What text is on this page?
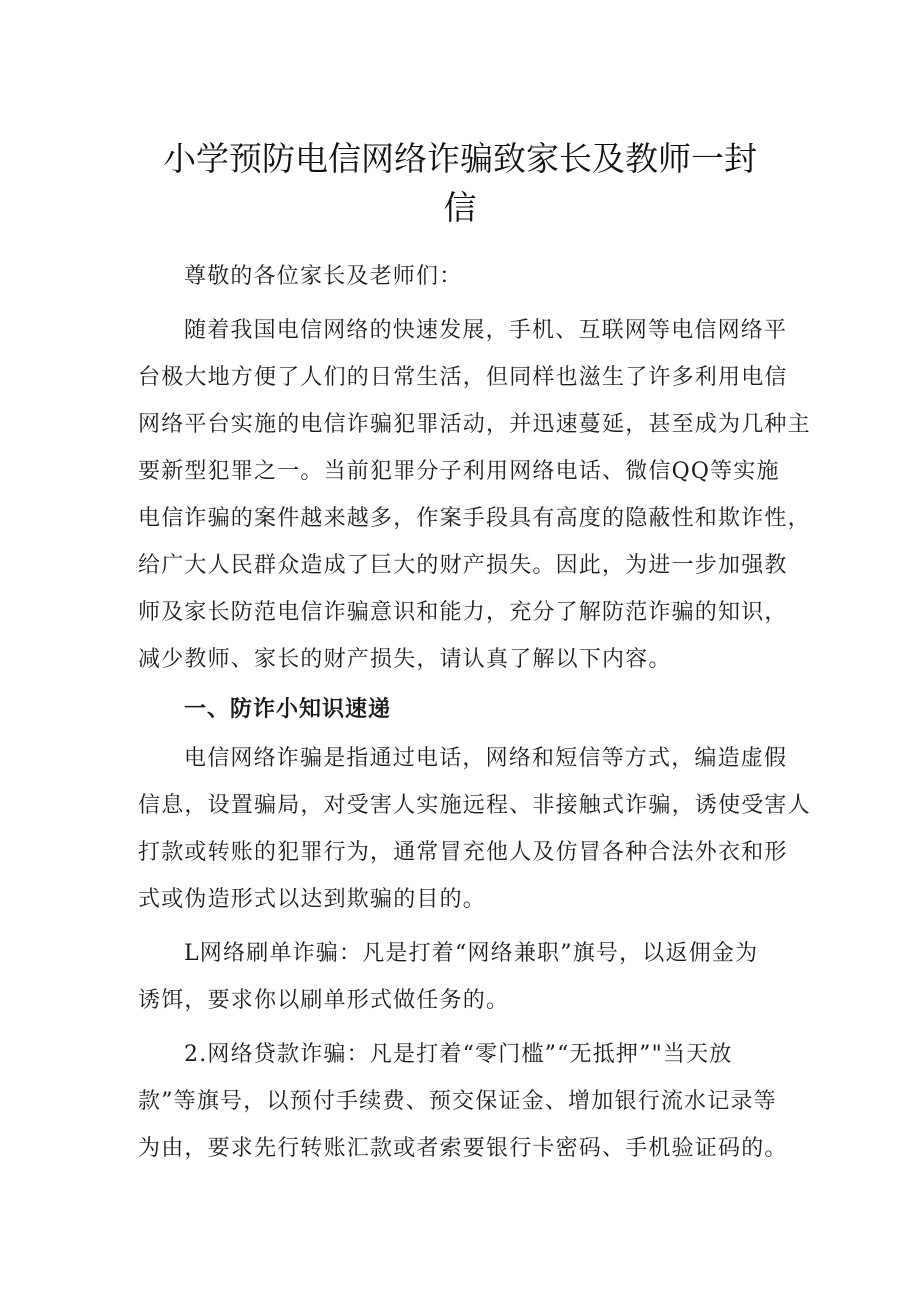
小学预防电信网络诈骗致家长及教师一封
信
尊敬的各位家长及老师们：
随着我国电信网络的快速发展，手机、互联网等电信网络平
台极大地方便了人们的日常生活，但同样也滋生了许多利用电信
网络平台实施的电信诈骗犯罪活动，并迅速蔓延，甚至成为几种主
要新型犯罪之一。当前犯罪分子利用网络电话、微信QQ等实施
电信诈骗的案件越来越多，作案手段具有高度的隐蔽性和欺诈性，
给广大人民群众造成了巨大的财产损失。因此，为进一步加强教
师及家长防范电信诈骗意识和能力，充分了解防范诈骗的知识，
减少教师、家长的财产损失，请认真了解以下内容。
一、防诈小知识速递
电信网络诈骗是指通过电话，网络和短信等方式，编造虚假
信息，设置骗局，对受害人实施远程、非接触式诈骗，诱使受害人
打款或转账的犯罪行为，通常冒充他人及仿冒各种合法外衣和形
式或伪造形式以达到欺骗的目的。
L网络刷单诈骗：凡是打着“网络兼职”旗号，以返佣金为
诱饵，要求你以刷单形式做任务的。
2.网络贷款诈骗：凡是打着“零门槛”“无抵押”"当天放
款”等旗号，以预付手续费、预交保证金、增加银行流水记录等
为由，要求先行转账汇款或者索要银行卡密码、手机验证码的。
